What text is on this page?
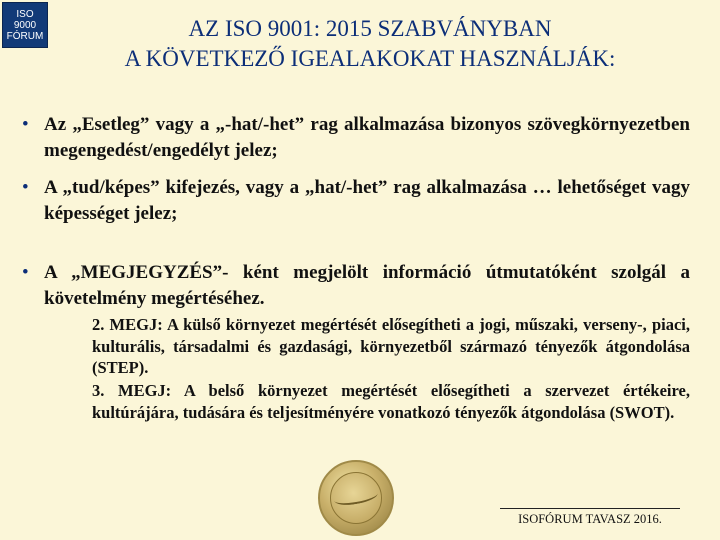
ISO
9000
FÓRUM	AZ ISO 9001: 2015 SZABVÁNYBAN
A KÖVETKEZŐ IGEALAKOKAT HASZNÁLJÁK:
• Az „Esetleg” vagy a „-hat/-het” rag alkalmazása bizonyos szövegkörnyezetben megengedést/engedélyt jelez;
• A „tud/képes” kifejezés, vagy a „hat/-het” rag alkalmazása … lehetőséget vagy képességet jelez;
• A „MEGJEGYZÉS”- ként megjelölt információ útmutatóként szolgál a követelmény megértéséhez.
2. MEGJ: A külső környezet megértését elősegítheti a jogi, műszaki, verseny-, piaci, kulturális, társadalmi és gazdasági, környezetből származó tényezők átgondolása (STEP).
3. MEGJ: A belső környezet megértését elősegítheti a szervezet értékeire, kultúrájára, tudására és teljesítményére vonatkozó tényezők átgondolása (SWOT).
ISOFÓRUM TAVASZ 2016.
